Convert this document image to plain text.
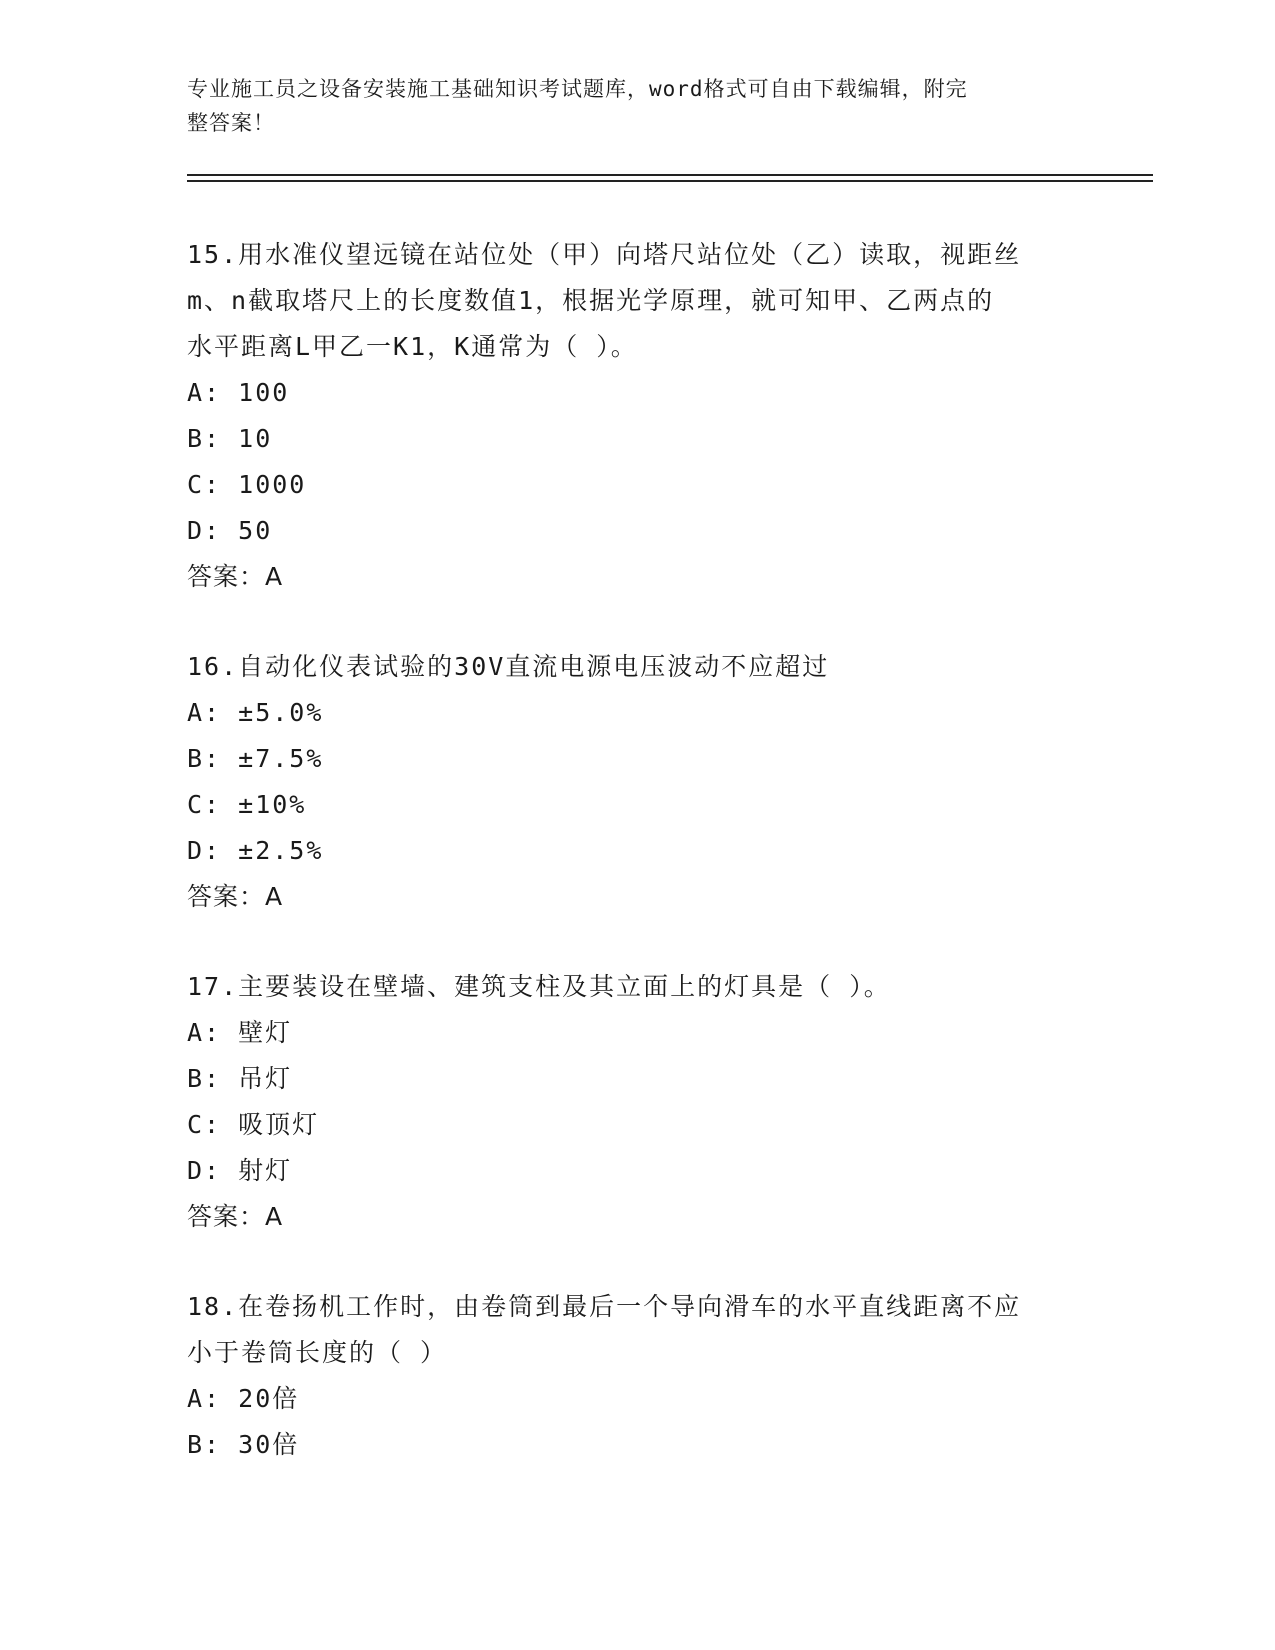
专业施工员之设备安装施工基础知识考试题库，word格式可自由下载编辑，附完
整答案！
15.用水准仪望远镜在站位处（甲）向塔尺站位处（乙）读取，视距丝
m、n截取塔尺上的长度数值1，根据光学原理，就可知甲、乙两点的
水平距离L甲乙一K1，K通常为（ ）。
A: 100
B: 10
C: 1000
D: 50
答案：A
16.自动化仪表试验的30V直流电源电压波动不应超过
A: ±5.0%
B: ±7.5%
C: ±10%
D: ±2.5%
答案：A
17.主要装设在壁墙、建筑支柱及其立面上的灯具是（ ）。
A: 壁灯
B: 吊灯
C: 吸顶灯
D: 射灯
答案：A
18.在卷扬机工作时，由卷筒到最后一个导向滑车的水平直线距离不应
小于卷筒长度的（ ）
A: 20倍
B: 30倍
